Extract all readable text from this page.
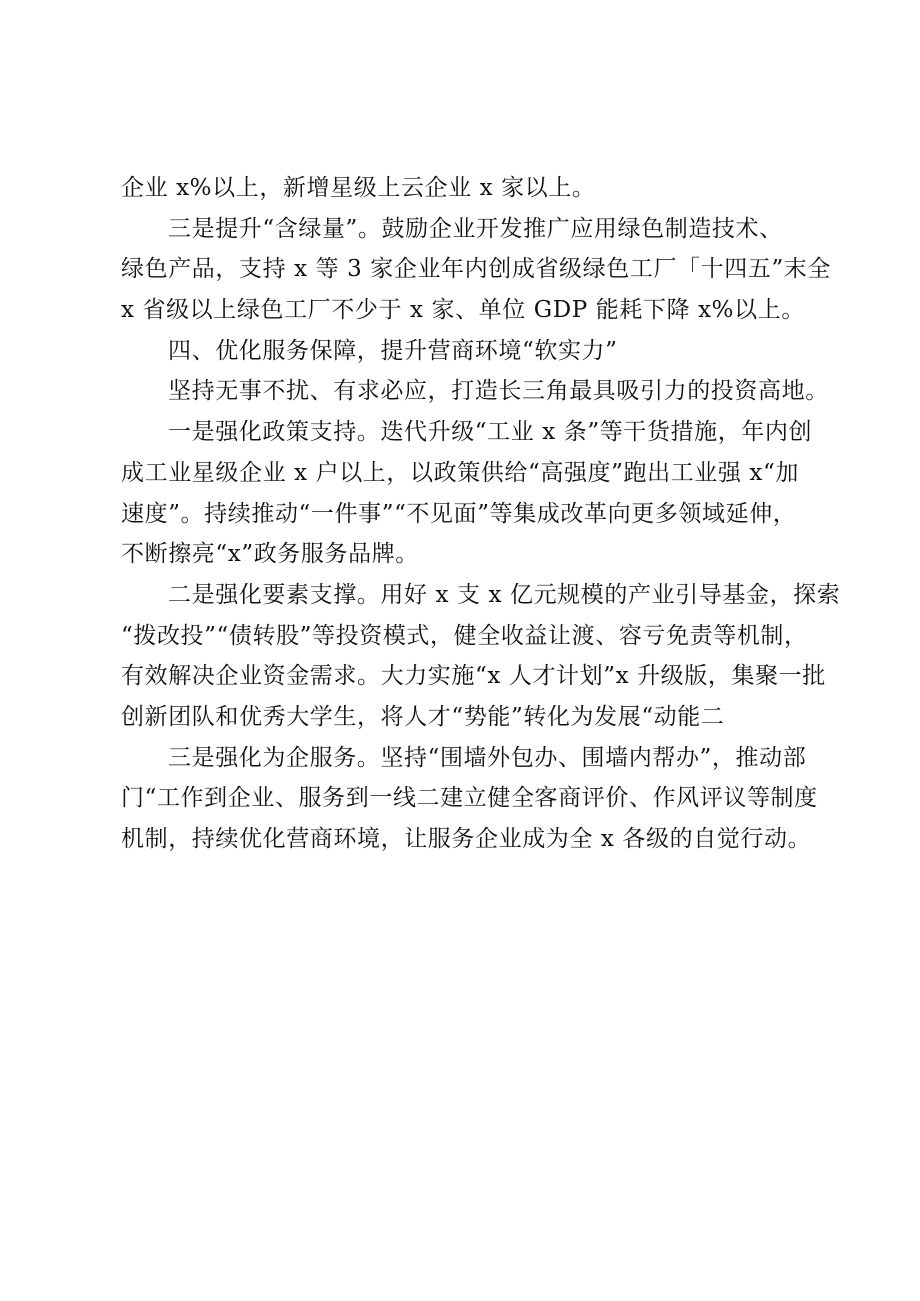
企业 x%以上，新增星级上云企业 x 家以上。
三是提升“含绿量”。鼓励企业开发推广应用绿色制造技术、
绿色产品，支持 x 等 3 家企业年内创成省级绿色工厂「十四五”末全
x 省级以上绿色工厂不少于 x 家、单位 GDP 能耗下降 x%以上。
四、优化服务保障，提升营商环境“软实力”
坚持无事不扰、有求必应，打造长三角最具吸引力的投资高地。
一是强化政策支持。迭代升级“工业 x 条”等干货措施，年内创
成工业星级企业 x 户以上，以政策供给“高强度”跑出工业强 x“加
速度”。持续推动“一件事”“不见面”等集成改革向更多领域延伸，
不断擦亮“x”政务服务品牌。
二是强化要素支撑。用好 x 支 x 亿元规模的产业引导基金，探索
“拨改投”“债转股”等投资模式，健全收益让渡、容亏免责等机制，
有效解决企业资金需求。大力实施“x 人才计划”x 升级版，集聚一批
创新团队和优秀大学生，将人才“势能”转化为发展“动能二
三是强化为企服务。坚持“围墙外包办、围墙内帮办”，推动部
门“工作到企业、服务到一线二建立健全客商评价、作风评议等制度
机制，持续优化营商环境，让服务企业成为全 x 各级的自觉行动。
